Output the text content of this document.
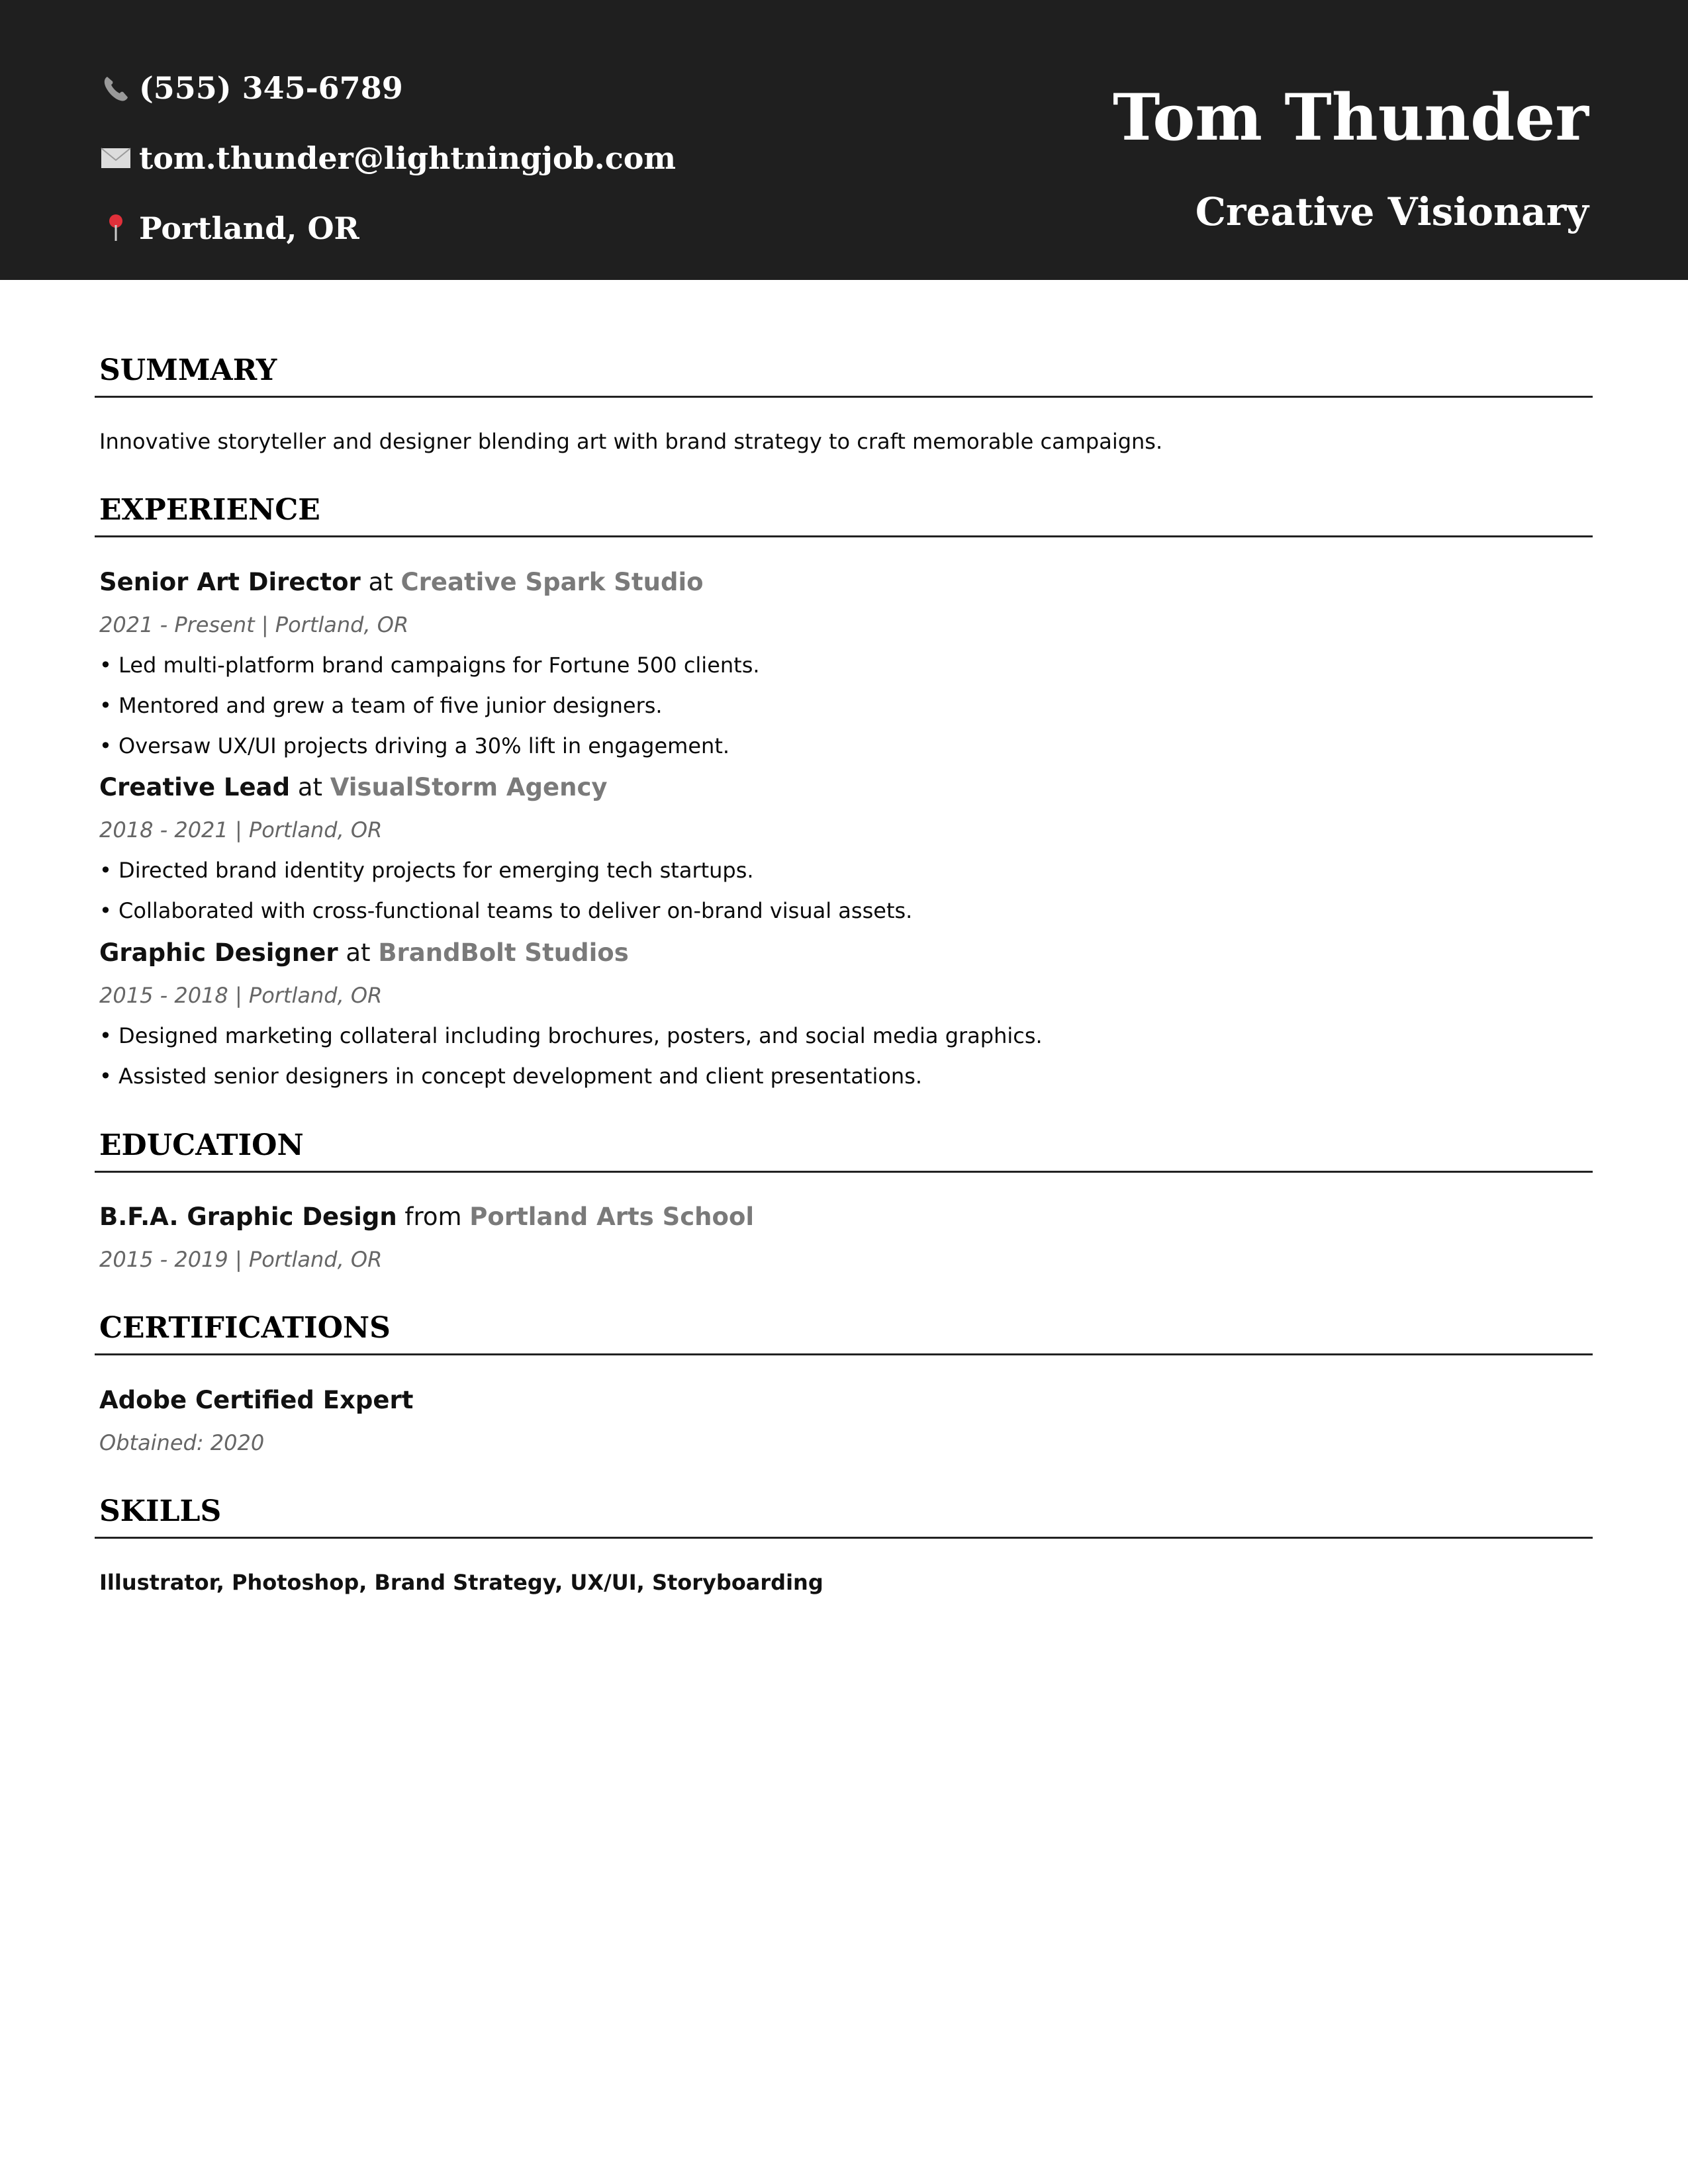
(555) 345-6789
tom.thunder@lightningjob.com
Portland, OR
Tom Thunder
Creative Visionary
SUMMARY
Innovative storyteller and designer blending art with brand strategy to craft memorable campaigns.
EXPERIENCE
Senior Art Director at Creative Spark Studio
2021 - Present | Portland, OR
• Led multi-platform brand campaigns for Fortune 500 clients.
• Mentored and grew a team of five junior designers.
• Oversaw UX/UI projects driving a 30% lift in engagement.
Creative Lead at VisualStorm Agency
2018 - 2021 | Portland, OR
• Directed brand identity projects for emerging tech startups.
• Collaborated with cross-functional teams to deliver on-brand visual assets.
Graphic Designer at BrandBolt Studios
2015 - 2018 | Portland, OR
• Designed marketing collateral including brochures, posters, and social media graphics.
• Assisted senior designers in concept development and client presentations.
EDUCATION
B.F.A. Graphic Design from Portland Arts School
2015 - 2019 | Portland, OR
CERTIFICATIONS
Adobe Certified Expert
Obtained: 2020
SKILLS
Illustrator, Photoshop, Brand Strategy, UX/UI, Storyboarding
